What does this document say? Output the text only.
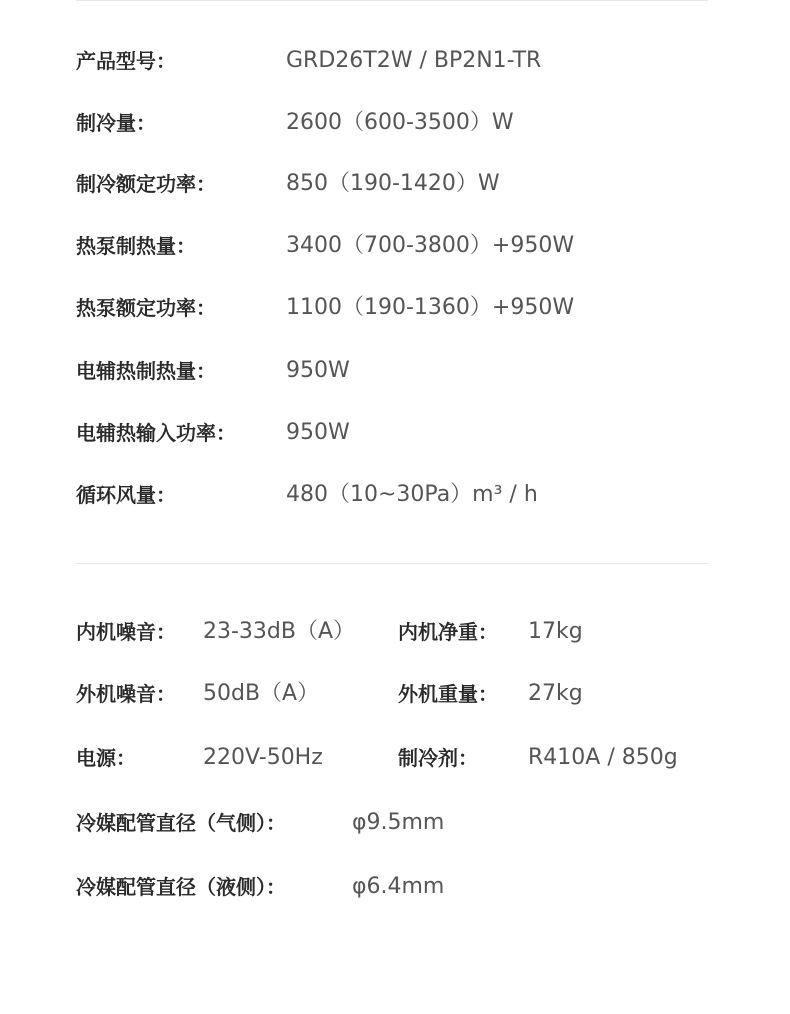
产品型号：	GRD26T2W / BP2N1-TR
制冷量：	2600（600-3500）W
制冷额定功率：	850（190-1420）W
热泵制热量：	3400（700-3800）+950W
热泵额定功率：	1100（190-1360）+950W
电辅热制热量：	950W
电辅热输入功率： 950W
循环风量：	480（10~30Pa）m³ / h
内机噪音： 23-33dB（A） 内机净重： 17kg
外机噪音： 50dB（A）	外机重量： 27kg
电源：	220V-50Hz	制冷剂： R410A / 850g
冷媒配管直径（气侧）：	φ9.5mm
冷媒配管直径（液侧）：	φ6.4mm
